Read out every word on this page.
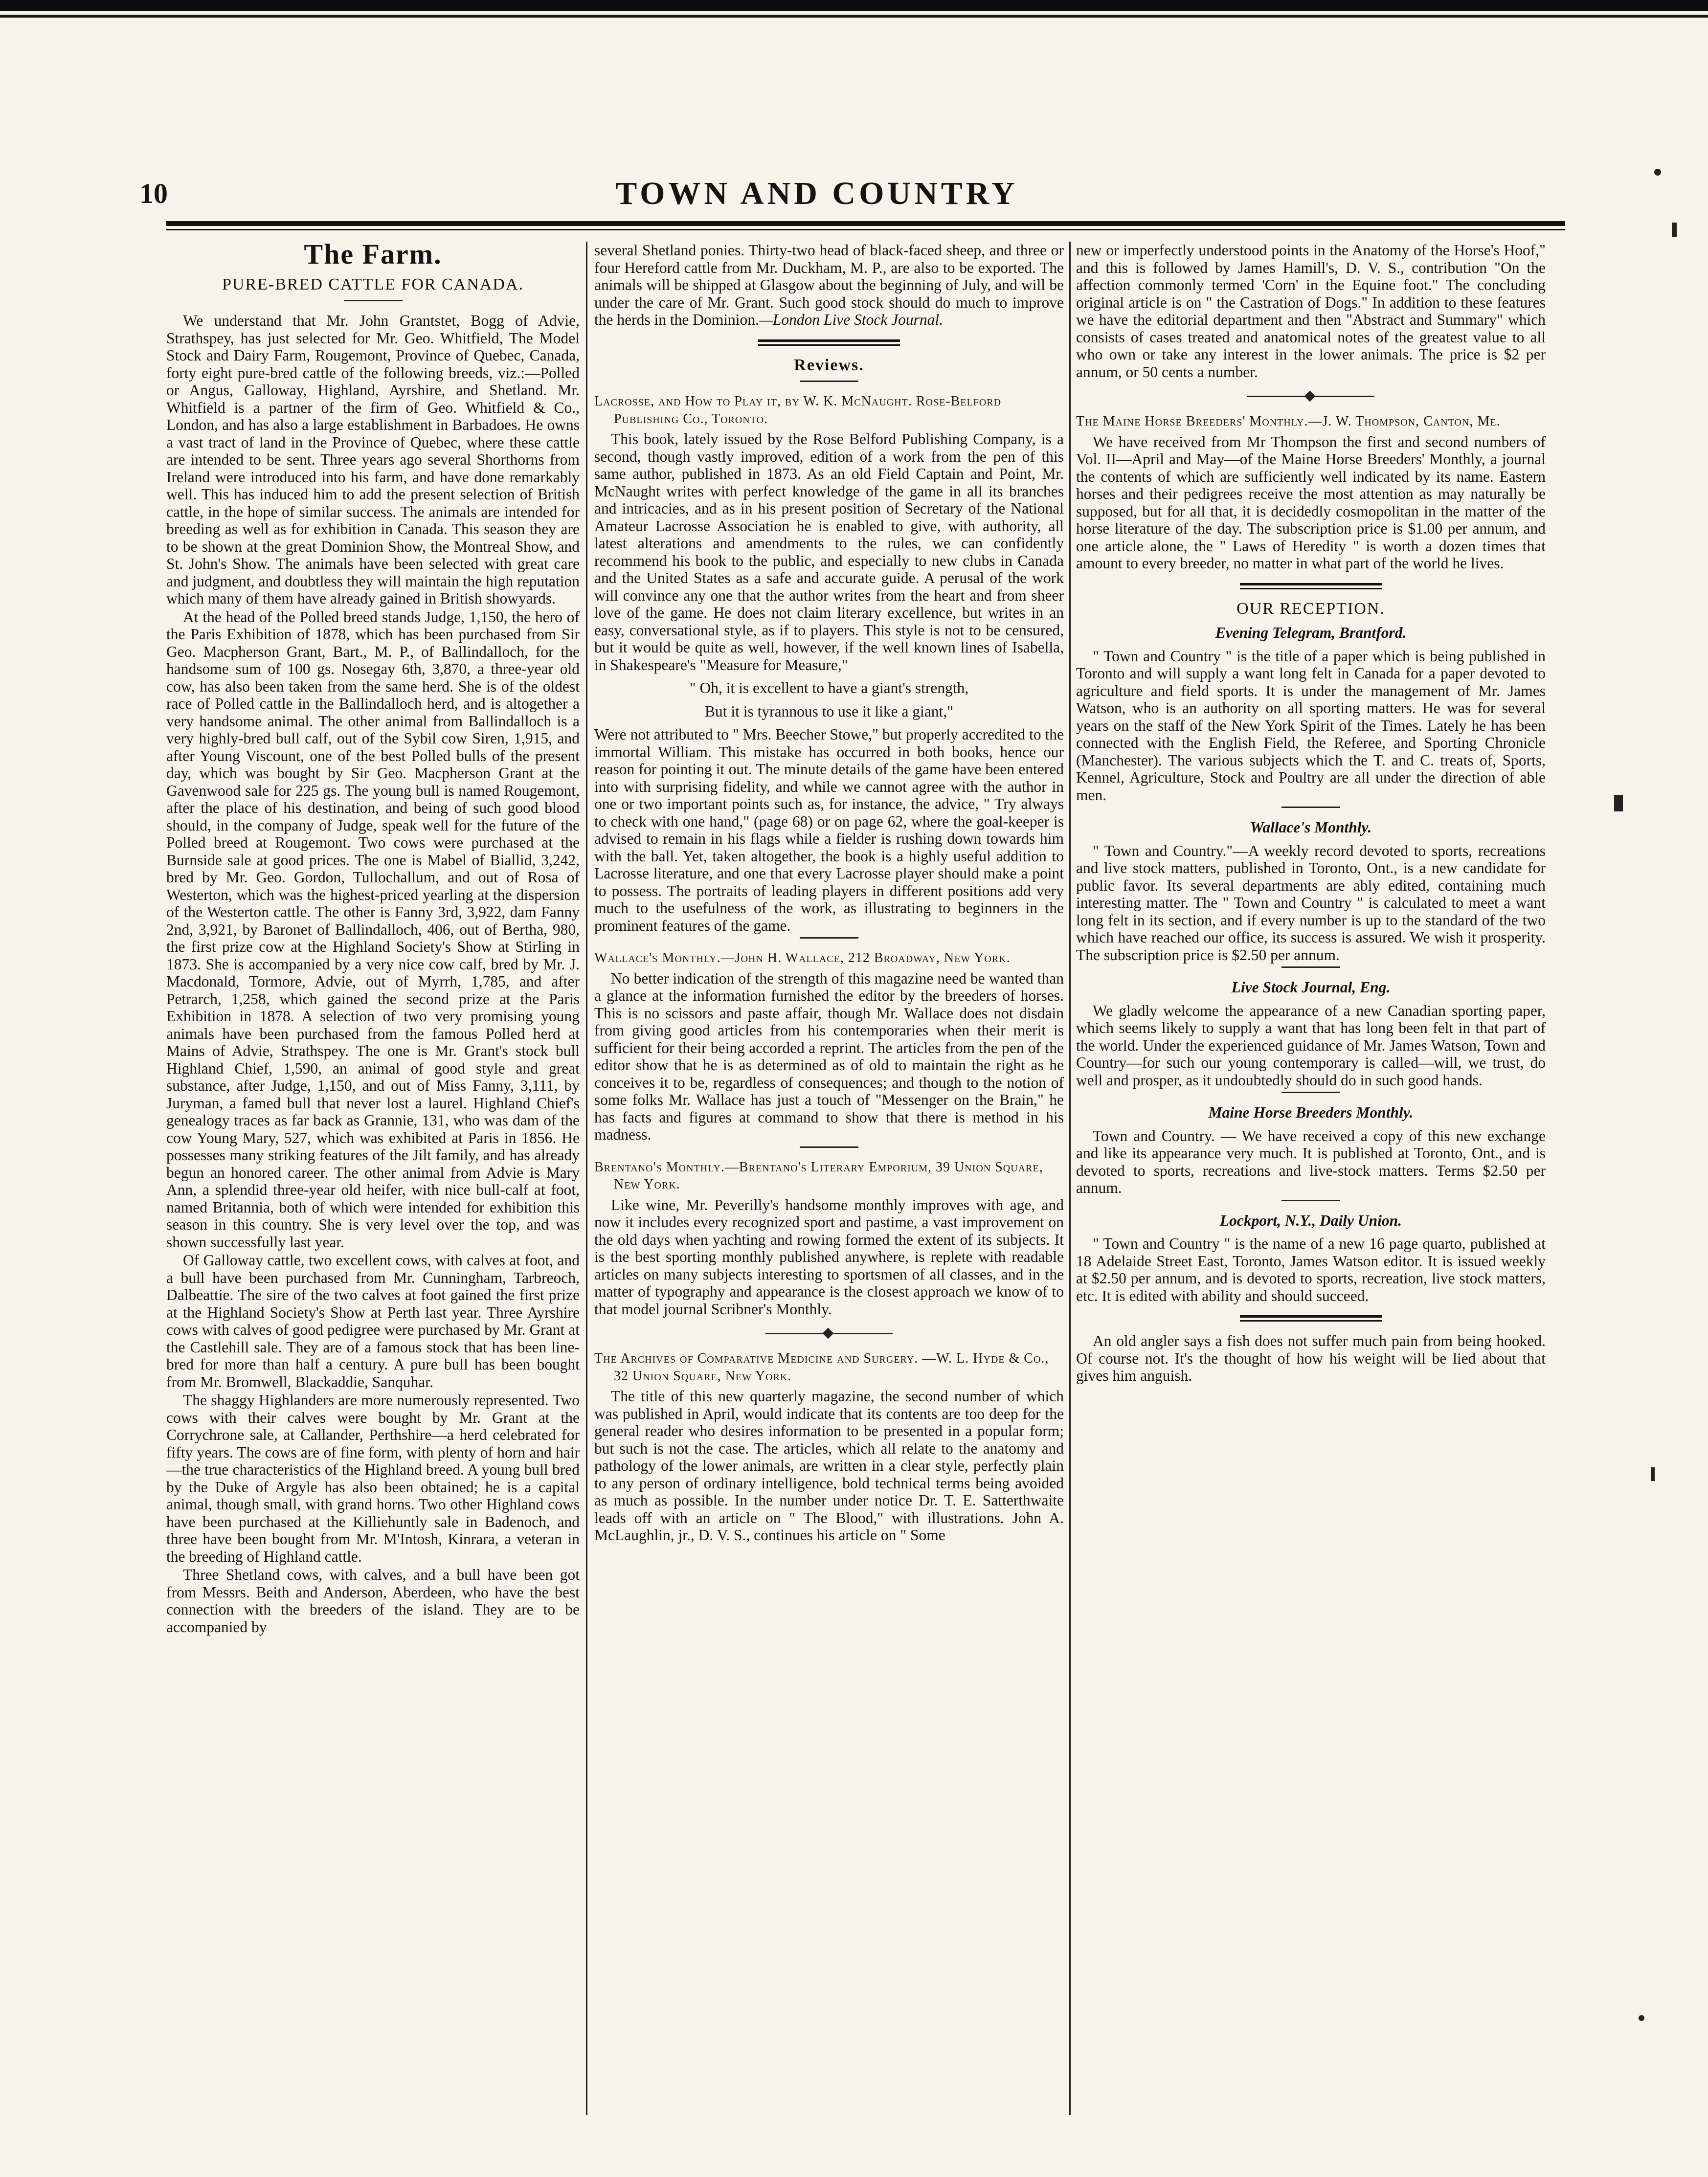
10	TOWN AND COUNTRY
The Farm.
PURE-BRED CATTLE FOR CANADA.

We understand that Mr. John Grantstet, Bogg of Advie, Strathspey, has just selected for Mr. Geo. Whitfield, The Model Stock and Dairy Farm, Rougemont, Province of Quebec, Canada, forty eight pure-bred cattle of the following breeds, viz.:—Polled or Angus, Galloway, Highland, Ayrshire, and Shetland. Mr. Whitfield is a partner of the firm of Geo. Whitfield & Co., London, and has also a large establishment in Barbadoes. He owns a vast tract of land in the Province of Quebec, where these cattle are intended to be sent. Three years ago several Shorthorns from Ireland were introduced into his farm, and have done remarkably well. This has induced him to add the present selection of British cattle, in the hope of similar success. The animals are intended for breeding as well as for exhibition in Canada. This season they are to be shown at the great Dominion Show, the Montreal Show, and St. John's Show. The animals have been selected with great care and judgment, and doubtless they will maintain the high reputation which many of them have already gained in British showyards.

At the head of the Polled breed stands Judge, 1,150, the hero of the Paris Exhibition of 1878, which has been purchased from Sir Geo. Macpherson Grant, Bart., M. P., of Ballindalloch, for the handsome sum of 100 gs. Nosegay 6th, 3,870, a three-year old cow, has also been taken from the same herd. She is of the oldest race of Polled cattle in the Ballindalloch herd, and is altogether a very handsome animal. The other animal from Ballindalloch is a very highly-bred bull calf, out of the Sybil cow Siren, 1,915, and after Young Viscount, one of the best Polled bulls of the present day, which was bought by Sir Geo. Macpherson Grant at the Gavenwood sale for 225 gs. The young bull is named Rougemont, after the place of his destination, and being of such good blood should, in the company of Judge, speak well for the future of the Polled breed at Rougemont. Two cows were purchased at the Burnside sale at good prices. The one is Mabel of Biallid, 3,242, bred by Mr. Geo. Gordon, Tullochallum, and out of Rosa of Westerton, which was the highest-priced yearling at the dispersion of the Westerton cattle. The other is Fanny 3rd, 3,922, dam Fanny 2nd, 3,921, by Baronet of Ballindalloch, 406, out of Bertha, 980, the first prize cow at the Highland Society's Show at Stirling in 1873. She is accompanied by a very nice cow calf, bred by Mr. J. Macdonald, Tormore, Advie, out of Myrrh, 1,785, and after Petrarch, 1,258, which gained the second prize at the Paris Exhibition in 1878. A selection of two very promising young animals have been purchased from the famous Polled herd at Mains of Advie, Strathspey. The one is Mr. Grant's stock bull Highland Chief, 1,590, an animal of good style and great substance, after Judge, 1,150, and out of Miss Fanny, 3,111, by Juryman, a famed bull that never lost a laurel. Highland Chief's genealogy traces as far back as Grannie, 131, who was dam of the cow Young Mary, 527, which was exhibited at Paris in 1856. He possesses many striking features of the Jilt family, and has already begun an honored career. The other animal from Advie is Mary Ann, a splendid three-year old heifer, with nice bull-calf at foot, named Britannia, both of which were intended for exhibition this season in this country. She is very level over the top, and was shown successfully last year.

Of Galloway cattle, two excellent cows, with calves at foot, and a bull have been purchased from Mr. Cunningham, Tarbreoch, Dalbeattie. The sire of the two calves at foot gained the first prize at the Highland Society's Show at Perth last year. Three Ayrshire cows with calves of good pedigree were purchased by Mr. Grant at the Castlehill sale. They are of a famous stock that has been line-bred for more than half a century. A pure bull has been bought from Mr. Bromwell, Blackaddie, Sanquhar.

The shaggy Highlanders are more numerously represented. Two cows with their calves were bought by Mr. Grant at the Corrychrone sale, at Callander, Perthshire—a herd celebrated for fifty years. The cows are of fine form, with plenty of horn and hair—the true characteristics of the Highland breed. A young bull bred by the Duke of Argyle has also been obtained; he is a capital animal, though small, with grand horns. Two other Highland cows have been purchased at the Killiehuntly sale in Badenoch, and three have been bought from Mr. M'Intosh, Kinrara, a veteran in the breeding of Highland cattle.

Three Shetland cows, with calves, and a bull have been got from Messrs. Beith and Anderson, Aberdeen, who have the best connection with the breeders of the island. They are to be accompanied by

several Shetland ponies. Thirty-two head of black-faced sheep, and three or four Hereford cattle from Mr. Duckham, M. P., are also to be exported. The animals will be shipped at Glasgow about the beginning of July, and will be under the care of Mr. Grant. Such good stock should do much to improve the herds in the Dominion.—London Live Stock Journal.

Reviews.
Lacrosse, and How to Play it, by W. K. McNaught. Rose-Belford Publishing Co., Toronto.

This book, lately issued by the Rose Belford Publishing Company, is a second, though vastly improved, edition of a work from the pen of this same author, published in 1873. As an old Field Captain and Point, Mr. McNaught writes with perfect knowledge of the game in all its branches and intricacies, and as in his present position of Secretary of the National Amateur Lacrosse Association he is enabled to give, with authority, all latest alterations and amendments to the rules, we can confidently recommend his book to the public, and especially to new clubs in Canada and the United States as a safe and accurate guide. A perusal of the work will convince any one that the author writes from the heart and from sheer love of the game. He does not claim literary excellence, but writes in an easy, conversational style, as if to players. This style is not to be censured, but it would be quite as well, however, if the well known lines of Isabella, in Shakespeare's "Measure for Measure,"

" Oh, it is excellent to have a giant's strength,

But it is tyrannous to use it like a giant,"

Were not attributed to " Mrs. Beecher Stowe," but properly accredited to the immortal William. This mistake has occurred in both books, hence our reason for pointing it out. The minute details of the game have been entered into with surprising fidelity, and while we cannot agree with the author in one or two important points such as, for instance, the advice, " Try always to check with one hand," (page 68) or on page 62, where the goal-keeper is advised to remain in his flags while a fielder is rushing down towards him with the ball. Yet, taken altogether, the book is a highly useful addition to Lacrosse literature, and one that every Lacrosse player should make a point to possess. The portraits of leading players in different positions add very much to the usefulness of the work, as illustrating to beginners in the prominent features of the game.

Wallace's Monthly.—John H. Wallace, 212 Broadway, New York.

No better indication of the strength of this magazine need be wanted than a glance at the information furnished the editor by the breeders of horses. This is no scissors and paste affair, though Mr. Wallace does not disdain from giving good articles from his contemporaries when their merit is sufficient for their being accorded a reprint. The articles from the pen of the editor show that he is as determined as of old to maintain the right as he conceives it to be, regardless of consequences; and though to the notion of some folks Mr. Wallace has just a touch of "Messenger on the Brain," he has facts and figures at command to show that there is method in his madness.

Brentano's Monthly.—Brentano's Literary Emporium, 39 Union Square, New York.

Like wine, Mr. Peverilly's handsome monthly improves with age, and now it includes every recognized sport and pastime, a vast improvement on the old days when yachting and rowing formed the extent of its subjects. It is the best sporting monthly published anywhere, is replete with readable articles on many subjects interesting to sportsmen of all classes, and in the matter of typography and appearance is the closest approach we know of to that model journal Scribner's Monthly.

The Archives of Comparative Medicine and Surgery. —W. L. Hyde & Co., 32 Union Square, New York.

The title of this new quarterly magazine, the second number of which was published in April, would indicate that its contents are too deep for the general reader who desires information to be presented in a popular form; but such is not the case. The articles, which all relate to the anatomy and pathology of the lower animals, are written in a clear style, perfectly plain to any person of ordinary intelligence, bold technical terms being avoided as much as possible. In the number under notice Dr. T. E. Satterthwaite leads off with an article on " The Blood," with illustrations. John A. McLaughlin, jr., D. V. S., continues his article on " Some

new or imperfectly understood points in the Anatomy of the Horse's Hoof," and this is followed by James Hamill's, D. V. S., contribution "On the affection commonly termed 'Corn' in the Equine foot." The concluding original article is on " the Castration of Dogs." In addition to these features we have the editorial department and then "Abstract and Summary" which consists of cases treated and anatomical notes of the greatest value to all who own or take any interest in the lower animals. The price is $2 per annum, or 50 cents a number.

The Maine Horse Breeders' Monthly.—J. W. Thompson, Canton, Me.

We have received from Mr Thompson the first and second numbers of Vol. II—April and May—of the Maine Horse Breeders' Monthly, a journal the contents of which are sufficiently well indicated by its name. Eastern horses and their pedigrees receive the most attention as may naturally be supposed, but for all that, it is decidedly cosmopolitan in the matter of the horse literature of the day. The subscription price is $1.00 per annum, and one article alone, the " Laws of Heredity " is worth a dozen times that amount to every breeder, no matter in what part of the world he lives.

OUR RECEPTION.
Evening Telegram, Brantford.

" Town and Country " is the title of a paper which is being published in Toronto and will supply a want long felt in Canada for a paper devoted to agriculture and field sports. It is under the management of Mr. James Watson, who is an authority on all sporting matters. He was for several years on the staff of the New York Spirit of the Times. Lately he has been connected with the English Field, the Referee, and Sporting Chronicle (Manchester). The various subjects which the T. and C. treats of, Sports, Kennel, Agriculture, Stock and Poultry are all under the direction of able men.

Wallace's Monthly.

" Town and Country."—A weekly record devoted to sports, recreations and live stock matters, published in Toronto, Ont., is a new candidate for public favor. Its several departments are ably edited, containing much interesting matter. The " Town and Country " is calculated to meet a want long felt in its section, and if every number is up to the standard of the two which have reached our office, its success is assured. We wish it prosperity. The subscription price is $2.50 per annum.

Live Stock Journal, Eng.

We gladly welcome the appearance of a new Canadian sporting paper, which seems likely to supply a want that has long been felt in that part of the world. Under the experienced guidance of Mr. James Watson, Town and Country—for such our young contemporary is called—will, we trust, do well and prosper, as it undoubtedly should do in such good hands.

Maine Horse Breeders Monthly.

Town and Country. — We have received a copy of this new exchange and like its appearance very much. It is published at Toronto, Ont., and is devoted to sports, recreations and live-stock matters. Terms $2.50 per annum.

Lockport, N.Y., Daily Union.

" Town and Country " is the name of a new 16 page quarto, published at 18 Adelaide Street East, Toronto, James Watson editor. It is issued weekly at $2.50 per annum, and is devoted to sports, recreation, live stock matters, etc. It is edited with ability and should succeed.

An old angler says a fish does not suffer much pain from being hooked. Of course not. It's the thought of how his weight will be lied about that gives him anguish.
